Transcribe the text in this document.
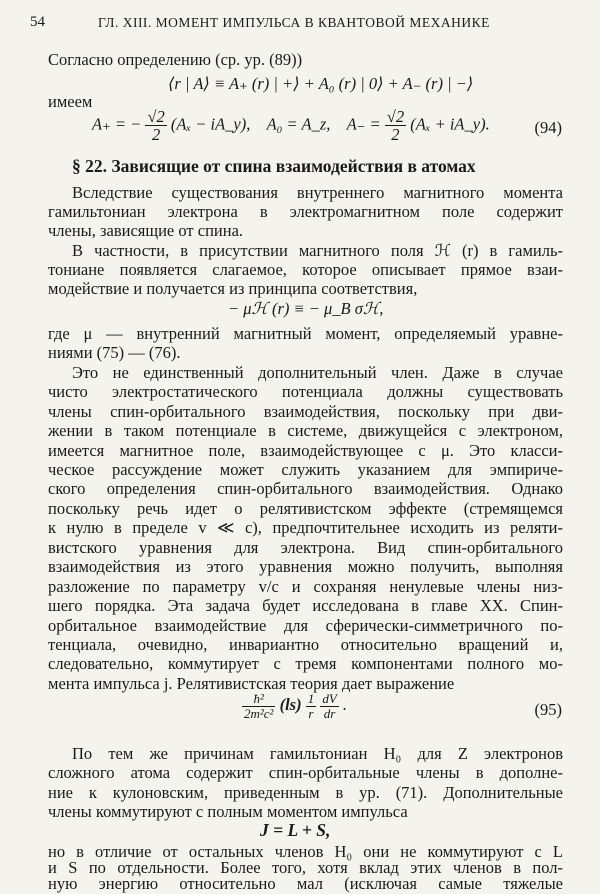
54	ГЛ. XIII. МОМЕНТ ИМПУЛЬСА В КВАНТОВОЙ МЕХАНИКЕ
Согласно определению (ср. ур. (89))
⟨r | A⟩ ≡ A₊ (r) | +⟩ + A₀ (r) | 0⟩ + A₋ (r) | −⟩
имеем
A₊ = − $\frac{√2}{2} (A_x$ − iA_y), A₀ = A_z, $A_- = \frac{√2}{2} (A_x$ + iA_y).	(94)
§ 22. Зависящие от спина взаимодействия в атомах
Вследствие существования внутреннего магнитного момента
гамильтониан электрона в электромагнитном поле содержит
члены, зависящие от спина.
В частности, в присутствии магнитного поля ℋ (r) в гамиль-
тониане появляется слагаемое, которое описывает прямое взаи-
модействие и получается из принципа соответствия,
− μℋ (r) ≡ − μ_B σℋ,
где μ — внутренний магнитный момент, определяемый уравне-
ниями (75) — (76).
Это не единственный дополнительный член. Даже в случае
чисто электростатического потенциала должны существовать
члены спин-орбитального взаимодействия, поскольку при дви-
жении в таком потенциале в системе, движущейся с электроном,
имеется магнитное поле, взаимодействующее с μ. Это класси-
ческое рассуждение может служить указанием для эмпириче-
ского определения спин-орбитального взаимодействия. Однако
поскольку речь идет о релятивистском эффекте (стремящемся
к нулю в пределе v ≪ c), предпочтительнее исходить из реляти-
вистского уравнения для электрона. Вид спин-орбитального
взаимодействия из этого уравнения можно получить, выполняя
разложение по параметру v/c и сохраняя ненулевые члены низ-
шего порядка. Эта задача будет исследована в главе XX. Спин-
орбитальное взаимодействие для сферически-симметричного по-
тенциала, очевидно, инвариантно относительно вращений и,
следовательно, коммутирует с тремя компонентами полного мо-
мента импульса j. Релятивистская теория дает выражение
$\frac{\text{ħ²}}{\text{2m²c²}} (ls) \frac{1}{r}$
$\frac{dV}{dr}$ .	(95)
По тем же причинам гамильтониан H₀ для Z электронов
сложного атома содержит спин-орбитальные члены в дополне-
ние к кулоновским, приведенным в ур. (71). Дополнительные
члены коммутируют с полным моментом импульса
J = L + S,
но в отличие от остальных членов H₀ они не коммутируют с L
и S по отдельности. Более того, хотя вклад этих членов в пол-
ную энергию относительно мал (исключая самые тяжелые
